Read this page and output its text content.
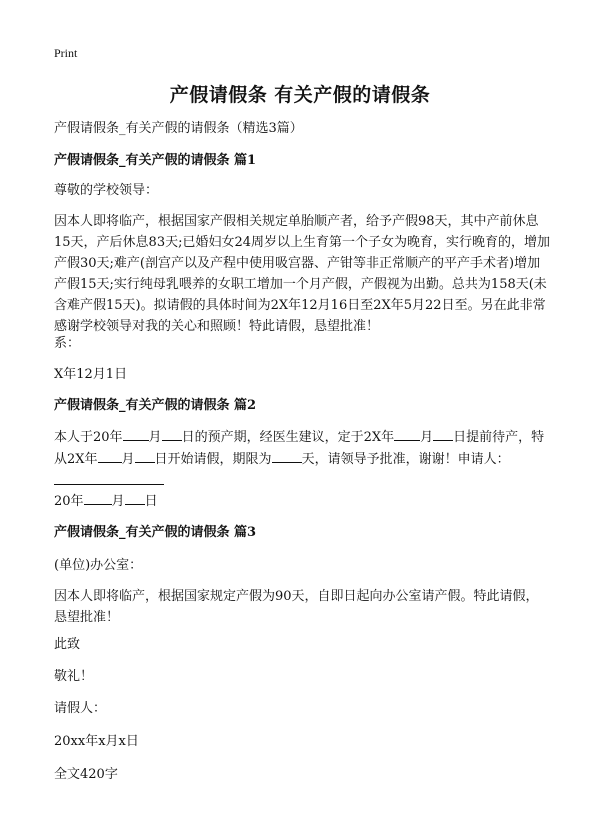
Print
产假请假条 有关产假的请假条
产假请假条_有关产假的请假条（精选3篇）
产假请假条_有关产假的请假条 篇1
尊敬的学校领导：
因本人即将临产，根据国家产假相关规定单胎顺产者，给予产假98天，其中产前休息15天，产后休息83天;已婚妇女24周岁以上生育第一个子女为晚育，实行晚育的，增加产假30天;难产(剖宫产以及产程中使用吸宫器、产钳等非正常顺产的平产手术者)增加产假15天;实行纯母乳喂养的女职工增加一个月产假，产假视为出勤。总共为158天(未含难产假15天)。拟请假的具体时间为2X年12月16日至2X年5月22日至。另在此非常感谢学校领导对我的关心和照顾！特此请假，恳望批准！
系：
X年12月1日
产假请假条_有关产假的请假条 篇2
本人于20年 月 日的预产期，经医生建议，定于2X年 月 日提前待产，特从2X年 月 日开始请假，期限为 天，请领导予批准，谢谢！申请人：
20年 月 日
产假请假条_有关产假的请假条 篇3
(单位)办公室：
因本人即将临产，根据国家规定产假为90天，自即日起向办公室请产假。特此请假，恳望批准！
此致
敬礼！
请假人：
20xx年x月x日
全文420字
